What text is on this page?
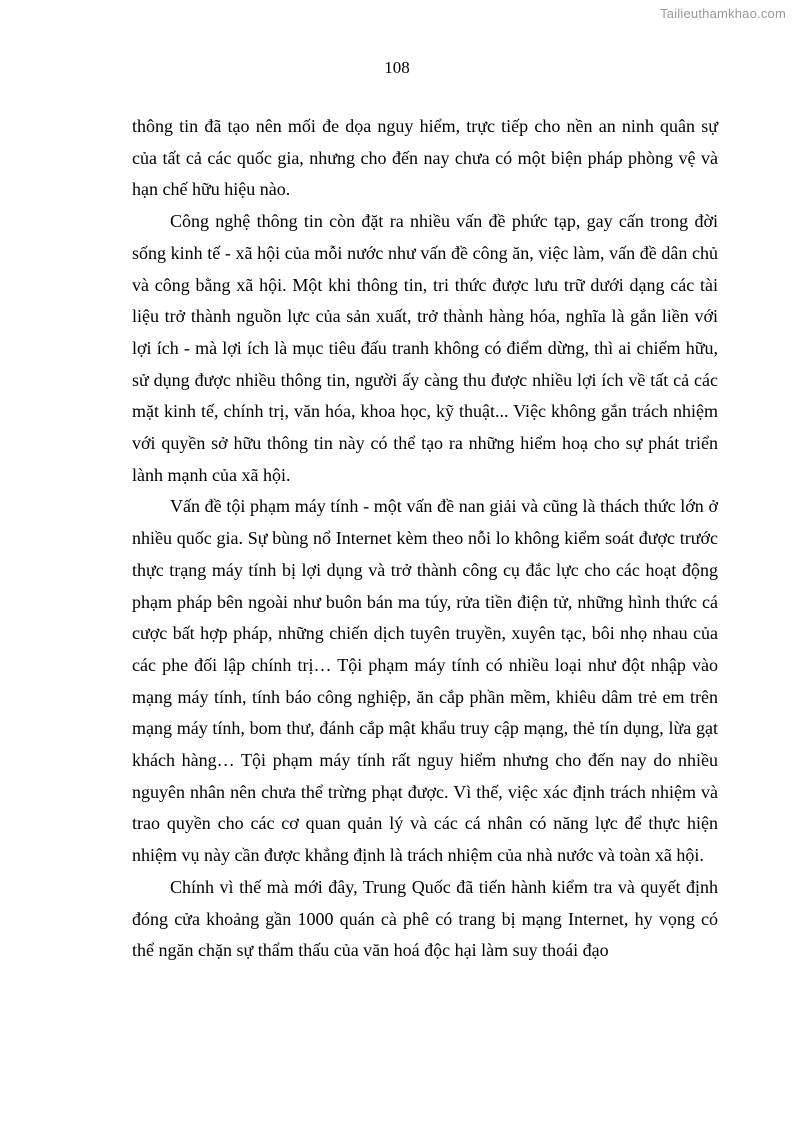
Tailieuthamkhao.com
108

thông tin đã tạo nên mối đe dọa nguy hiểm, trực tiếp cho nền an ninh quân sự của tất cả các quốc gia, nhưng cho đến nay chưa có một biện pháp phòng vệ và hạn chế hữu hiệu nào.

Công nghệ thông tin còn đặt ra nhiều vấn đề phức tạp, gay cấn trong đời sống kinh tế - xã hội của mỗi nước như vấn đề công ăn, việc làm, vấn đề dân chủ và công bằng xã hội. Một khi thông tin, tri thức được lưu trữ dưới dạng các tài liệu trở thành nguồn lực của sản xuất, trở thành hàng hóa, nghĩa là gắn liền với lợi ích - mà lợi ích là mục tiêu đấu tranh không có điểm dừng, thì ai chiếm hữu, sử dụng được nhiều thông tin, người ấy càng thu được nhiều lợi ích về tất cả các mặt kinh tế, chính trị, văn hóa, khoa học, kỹ thuật... Việc không gắn trách nhiệm với quyền sở hữu thông tin này có thể tạo ra những hiểm hoạ cho sự phát triển lành mạnh của xã hội.

Vấn đề tội phạm máy tính - một vấn đề nan giải và cũng là thách thức lớn ở nhiều quốc gia. Sự bùng nổ Internet kèm theo nỗi lo không kiểm soát được trước thực trạng máy tính bị lợi dụng và trở thành công cụ đắc lực cho các hoạt động phạm pháp bên ngoài như buôn bán ma túy, rửa tiền điện tử, những hình thức cá cược bất hợp pháp, những chiến dịch tuyên truyền, xuyên tạc, bôi nhọ nhau của các phe đối lập chính trị… Tội phạm máy tính có nhiều loại như đột nhập vào mạng máy tính, tính báo công nghiệp, ăn cắp phần mềm, khiêu dâm trẻ em trên mạng máy tính, bom thư, đánh cắp mật khẩu truy cập mạng, thẻ tín dụng, lừa gạt khách hàng… Tội phạm máy tính rất nguy hiểm nhưng cho đến nay do nhiều nguyên nhân nên chưa thể trừng phạt được. Vì thế, việc xác định trách nhiệm và trao quyền cho các cơ quan quản lý và các cá nhân có năng lực để thực hiện nhiệm vụ này cần được khẳng định là trách nhiệm của nhà nước và toàn xã hội.

Chính vì thế mà mới đây, Trung Quốc đã tiến hành kiểm tra và quyết định đóng cửa khoảng gần 1000 quán cà phê có trang bị mạng Internet, hy vọng có thể ngăn chặn sự thẩm thấu của văn hoá độc hại làm suy thoái đạo
